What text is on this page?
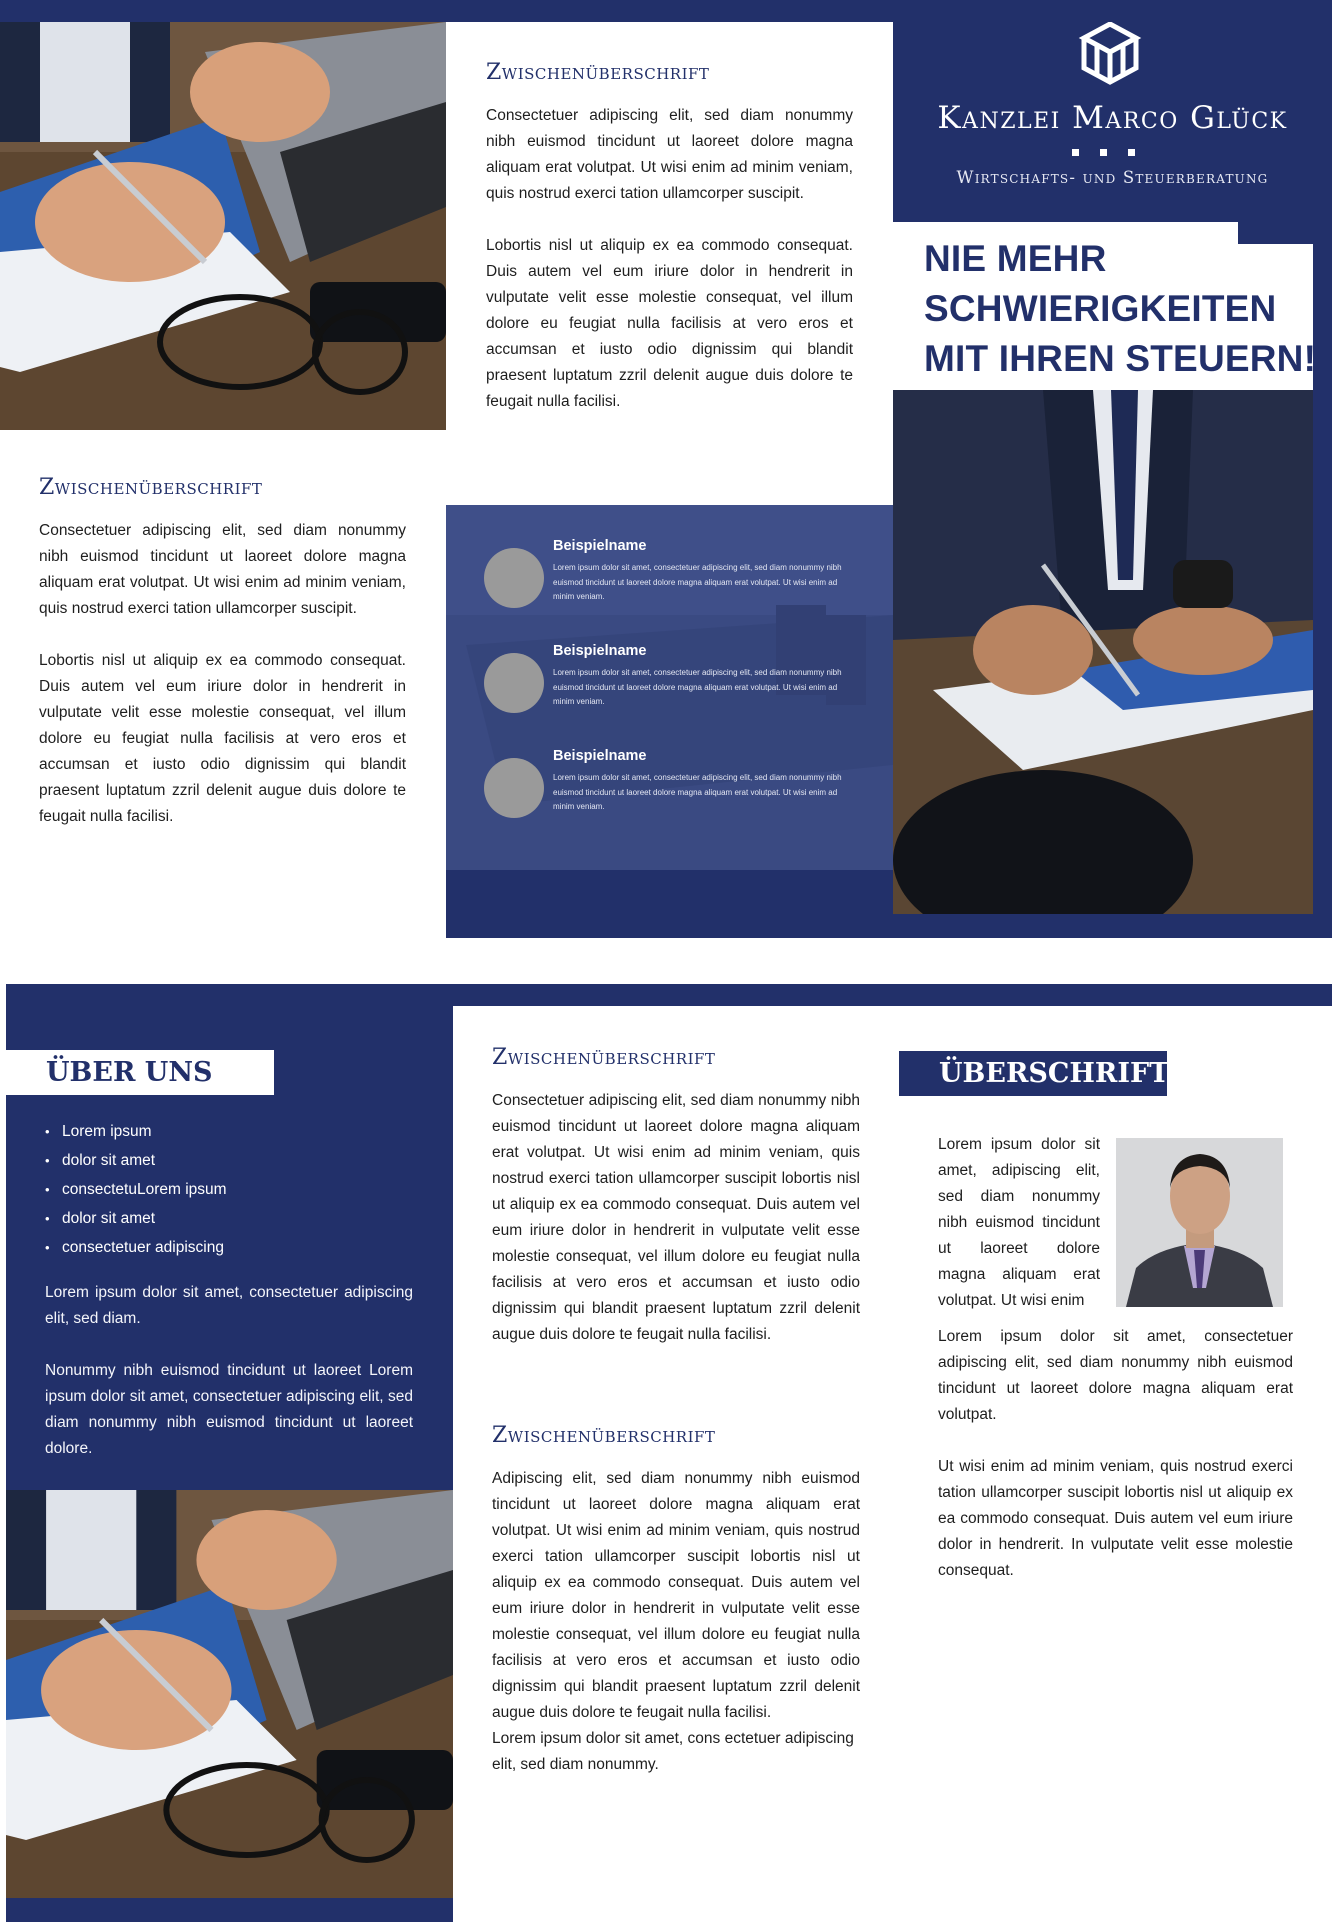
Zwischenüberschrift

Consectetuer adipiscing elit, sed diam nonummy nibh euismod tincidunt ut laoreet dolore magna aliquam erat volutpat. Ut wisi enim ad minim veniam, quis nostrud exerci tation ullamcorper suscipit.

Lobortis nisl ut aliquip ex ea commodo consequat. Duis autem vel eum iriure dolor in hendrerit in vulputate velit esse molestie consequat, vel illum dolore eu feugiat nulla facilisis at vero eros et accumsan et iusto odio dignissim qui blandit praesent luptatum zzril delenit augue duis dolore te feugait nulla facilisi.

Kanzlei Marco Glück
Wirtschafts- und Steuerberatung
NIE MEHR
SCHWIERIGKEITEN
MIT IHREN STEUERN!
Zwischenüberschrift

Consectetuer adipiscing elit, sed diam nonummy nibh euismod tincidunt ut laoreet dolore magna aliquam erat volutpat. Ut wisi enim ad minim veniam, quis nostrud exerci tation ullamcorper suscipit.

Lobortis nisl ut aliquip ex ea commodo consequat. Duis autem vel eum iriure dolor in hendrerit in vulputate velit esse molestie consequat, vel illum dolore eu feugiat nulla facilisis at vero eros et accumsan et iusto odio dignissim qui blandit praesent luptatum zzril delenit augue duis dolore te feugait nulla facilisi.

Beispielname
Lorem ipsum dolor sit amet, consectetuer adipiscing elit, sed diam nonummy nibh euismod tincidunt ut laoreet dolore magna aliquam erat volutpat. Ut wisi enim ad minim veniam.
Beispielname
Lorem ipsum dolor sit amet, consectetuer adipiscing elit, sed diam nonummy nibh euismod tincidunt ut laoreet dolore magna aliquam erat volutpat. Ut wisi enim ad minim veniam.
Beispielname
Lorem ipsum dolor sit amet, consectetuer adipiscing elit, sed diam nonummy nibh euismod tincidunt ut laoreet dolore magna aliquam erat volutpat. Ut wisi enim ad minim veniam.
ÜBER UNS
• Lorem ipsum
• dolor sit amet
• consectetuLorem ipsum
• dolor sit amet
• consectetuer adipiscing

Lorem ipsum dolor sit amet, consectetuer adipiscing elit, sed diam.

Nonummy nibh euismod tincidunt ut laoreet Lorem ipsum dolor sit amet, consectetuer adipiscing elit, sed diam nonummy nibh euismod tincidunt ut laoreet dolore.

Zwischenüberschrift
Consectetuer adipiscing elit, sed diam nonummy nibh euismod tincidunt ut laoreet dolore magna aliquam erat volutpat. Ut wisi enim ad minim veniam, quis nostrud exerci tation ullamcorper suscipit lobortis nisl ut aliquip ex ea commodo consequat. Duis autem vel eum iriure dolor in hendrerit in vulputate velit esse molestie consequat, vel illum dolore eu feugiat nulla facilisis at vero eros et accumsan et iusto odio dignissim qui blandit praesent luptatum zzril delenit augue duis dolore te feugait nulla facilisi.
Zwischenüberschrift
Adipiscing elit, sed diam nonummy nibh euismod tincidunt ut laoreet dolore magna aliquam erat volutpat. Ut wisi enim ad minim veniam, quis nostrud exerci tation ullamcorper suscipit lobortis nisl ut aliquip ex ea commodo consequat. Duis autem vel eum iriure dolor in hendrerit in vulputate velit esse molestie consequat, vel illum dolore eu feugiat nulla facilisis at vero eros et accumsan et iusto odio dignissim qui blandit praesent luptatum zzril delenit augue duis dolore te feugait nulla facilisi.
Lorem ipsum dolor sit amet, cons ectetuer adipiscing elit, sed diam nonummy.
ÜBERSCHRIFT
Lorem ipsum dolor sit amet, adipiscing elit, sed diam nonummy nibh euismod tincidunt ut laoreet dolore magna aliquam erat volutpat. Ut wisi enim

Lorem ipsum dolor sit amet, consectetuer adipiscing elit, sed diam nonummy nibh euismod tincidunt ut laoreet dolore magna aliquam erat volutpat.

Ut wisi enim ad minim veniam, quis nostrud exerci tation ullamcorper suscipit lobortis nisl ut aliquip ex ea commodo consequat. Duis autem vel eum iriure dolor in hendrerit. In vulputate velit esse molestie consequat.
